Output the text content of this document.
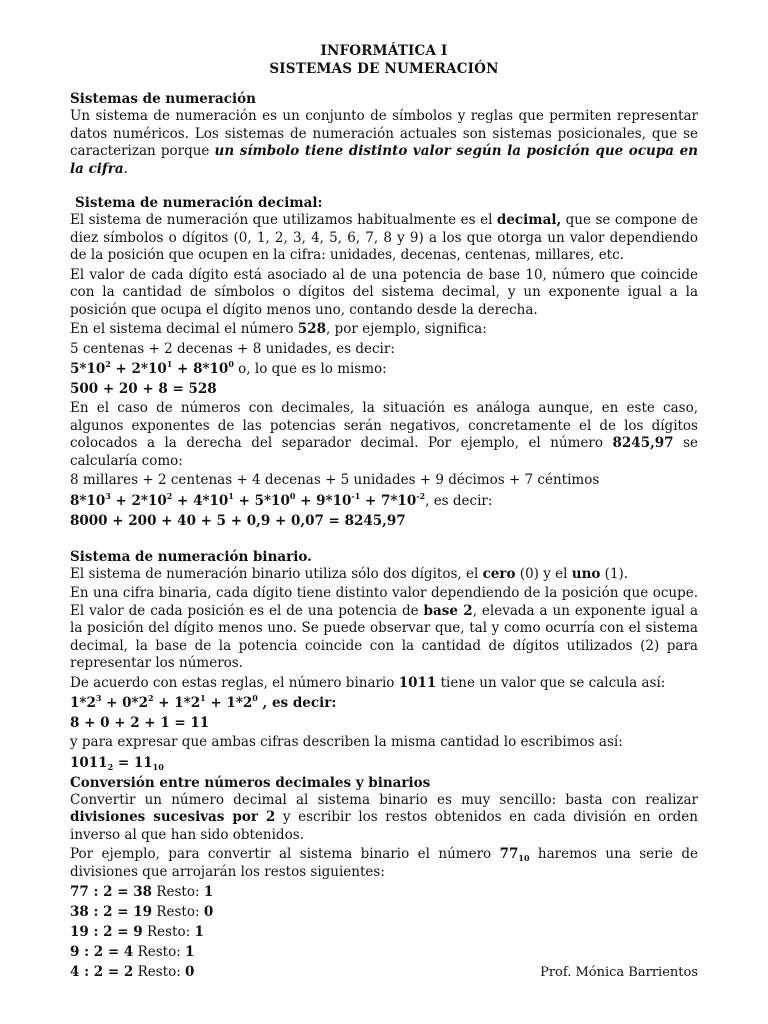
INFORMÁTICA I
SISTEMAS DE NUMERACIÓN
Sistemas de numeración
Un sistema de numeración es un conjunto de símbolos y reglas que permiten representar datos numéricos. Los sistemas de numeración actuales son sistemas posicionales, que se caracterizan porque un símbolo tiene distinto valor según la posición que ocupa en la cifra.
Sistema de numeración decimal:
El sistema de numeración que utilizamos habitualmente es el decimal, que se compone de diez símbolos o dígitos (0, 1, 2, 3, 4, 5, 6, 7, 8 y 9) a los que otorga un valor dependiendo de la posición que ocupen en la cifra: unidades, decenas, centenas, millares, etc.
El valor de cada dígito está asociado al de una potencia de base 10, número que coincide con la cantidad de símbolos o dígitos del sistema decimal, y un exponente igual a la posición que ocupa el dígito menos uno, contando desde la derecha.
En el sistema decimal el número 528, por ejemplo, significa:
5 centenas + 2 decenas + 8 unidades, es decir:
$5*10^2 + 2*10^1 + 8*10^0$ o, lo que es lo mismo:
500 + 20 + 8 = 528
En el caso de números con decimales, la situación es análoga aunque, en este caso, algunos exponentes de las potencias serán negativos, concretamente el de los dígitos colocados a la derecha del separador decimal. Por ejemplo, el número 8245,97 se calcularía como:
8 millares + 2 centenas + 4 decenas + 5 unidades + 9 décimos + 7 céntimos
$8*10^3 + 2*10^2 + 4*10^1 + 5*10^0 + 9*10^{-1} + 7*10^{-2}$, es decir:
8000 + 200 + 40 + 5 + 0,9 + 0,07 = 8245,97
Sistema de numeración binario.
El sistema de numeración binario utiliza sólo dos dígitos, el cero (0) y el uno (1).
En una cifra binaria, cada dígito tiene distinto valor dependiendo de la posición que ocupe. El valor de cada posición es el de una potencia de base 2, elevada a un exponente igual a la posición del dígito menos uno. Se puede observar que, tal y como ocurría con el sistema decimal, la base de la potencia coincide con la cantidad de dígitos utilizados (2) para representar los números.
De acuerdo con estas reglas, el número binario 1011 tiene un valor que se calcula así:
$1*2^3 + 0*2^2 + 1*2^1 + 1*2^0$ , es decir:
8 + 0 + 2 + 1 = 11
y para expresar que ambas cifras describen la misma cantidad lo escribimos así:
$1011_2 = 11_{10}$
Conversión entre números decimales y binarios
Convertir un número decimal al sistema binario es muy sencillo: basta con realizar divisiones sucesivas por 2 y escribir los restos obtenidos en cada división en orden inverso al que han sido obtenidos.
Por ejemplo, para convertir al sistema binario el número $77_{10}$ haremos una serie de divisiones que arrojarán los restos siguientes:
77 : 2 = 38 Resto: 1
38 : 2 = 19 Resto: 0
19 : 2 = 9 Resto: 1
9 : 2 = 4 Resto: 1
4 : 2 = 2 Resto: 0	Prof. Mónica Barrientos
